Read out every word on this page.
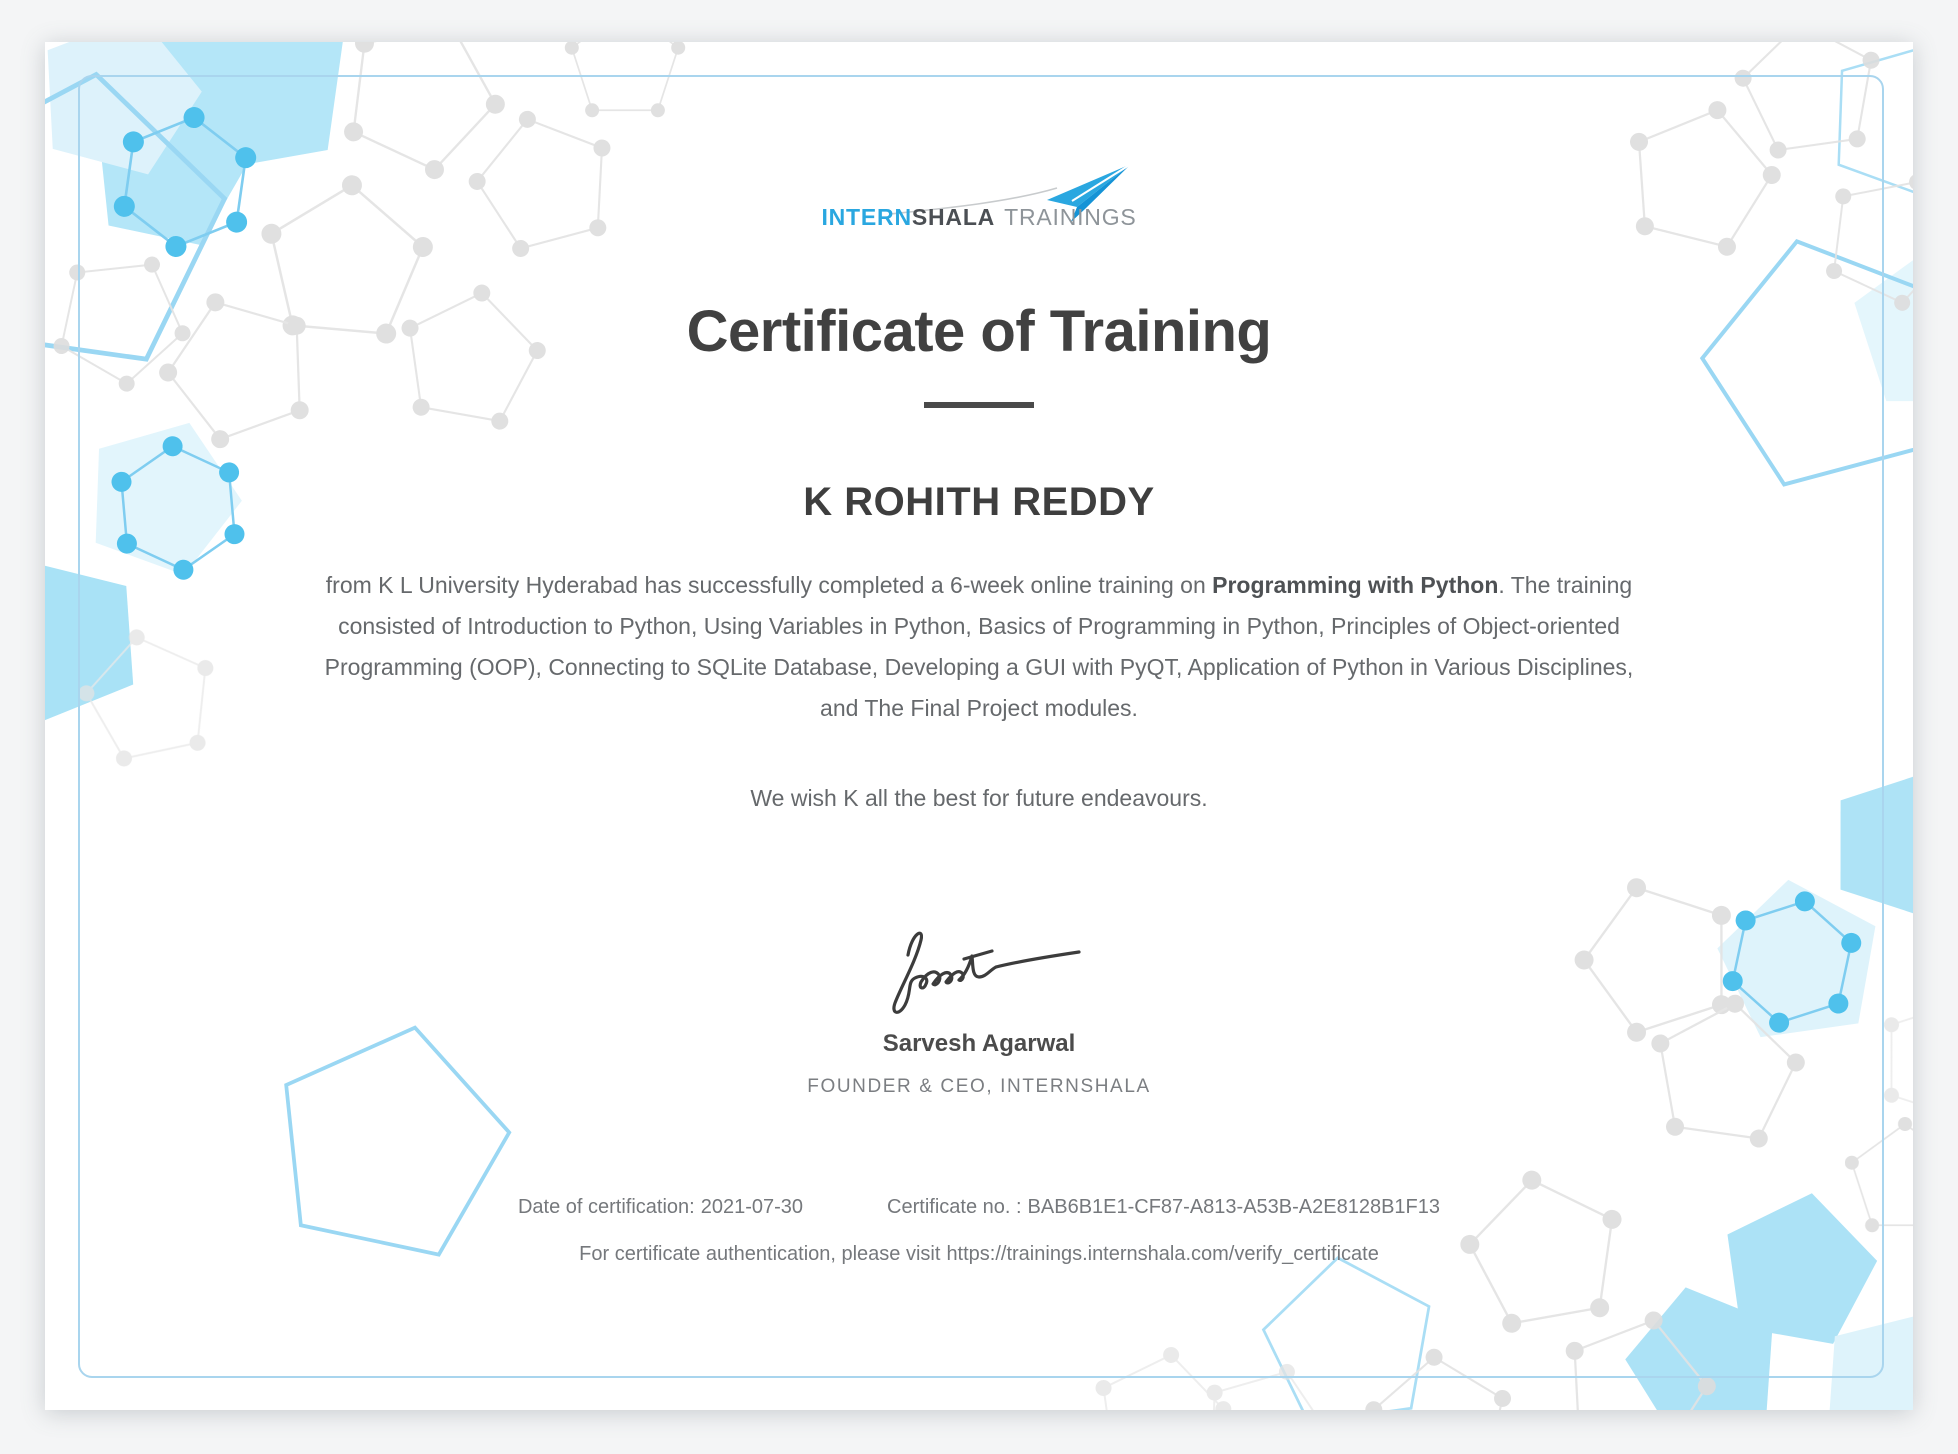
INTERNSHALA TRAININGS
Certificate of Training
K ROHITH REDDY

from K L University Hyderabad has successfully completed a 6-week online training on Programming with Python. The training consisted of Introduction to Python, Using Variables in Python, Basics of Programming in Python, Principles of Object-oriented Programming (OOP), Connecting to SQLite Database, Developing a GUI with PyQT, Application of Python in Various Disciplines, and The Final Project modules.

We wish K all the best for future endeavours.

Sarvesh Agarwal
FOUNDER & CEO, INTERNSHALA
Date of certification: 2021-07-30	Certificate no. : BAB6B1E1-CF87-A813-A53B-A2E8128B1F13
For certificate authentication, please visit https://trainings.internshala.com/verify_certificate
